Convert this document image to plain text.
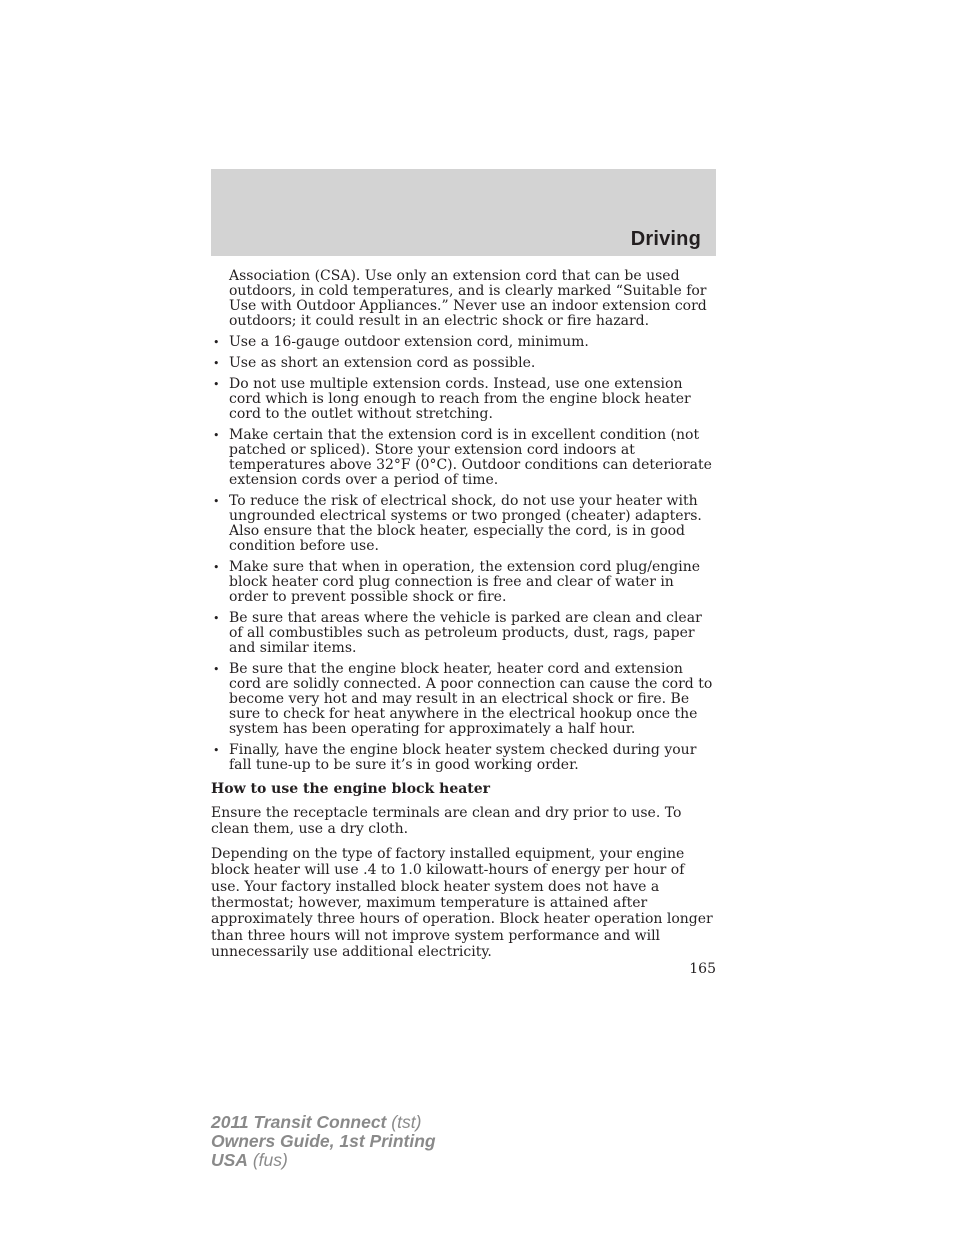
Driving

Association (CSA). Use only an extension cord that can be used outdoors, in cold temperatures, and is clearly marked “Suitable for Use with Outdoor Appliances.” Never use an indoor extension cord outdoors; it could result in an electric shock or fire hazard.

• Use a 16-gauge outdoor extension cord, minimum.
• Use as short an extension cord as possible.
• Do not use multiple extension cords. Instead, use one extension cord which is long enough to reach from the engine block heater cord to the outlet without stretching.
• Make certain that the extension cord is in excellent condition (not patched or spliced). Store your extension cord indoors at temperatures above 32°F (0°C). Outdoor conditions can deteriorate extension cords over a period of time.
• To reduce the risk of electrical shock, do not use your heater with ungrounded electrical systems or two pronged (cheater) adapters. Also ensure that the block heater, especially the cord, is in good condition before use.
• Make sure that when in operation, the extension cord plug/engine block heater cord plug connection is free and clear of water in order to prevent possible shock or fire.
• Be sure that areas where the vehicle is parked are clean and clear of all combustibles such as petroleum products, dust, rags, paper and similar items.
• Be sure that the engine block heater, heater cord and extension cord are solidly connected. A poor connection can cause the cord to become very hot and may result in an electrical shock or fire. Be sure to check for heat anywhere in the electrical hookup once the system has been operating for approximately a half hour.
• Finally, have the engine block heater system checked during your fall tune-up to be sure it’s in good working order.
How to use the engine block heater

Ensure the receptacle terminals are clean and dry prior to use. To clean them, use a dry cloth.

Depending on the type of factory installed equipment, your engine block heater will use .4 to 1.0 kilowatt-hours of energy per hour of use. Your factory installed block heater system does not have a thermostat; however, maximum temperature is attained after approximately three hours of operation. Block heater operation longer than three hours will not improve system performance and will unnecessarily use additional electricity.

165
2011 Transit Connect (tst)
Owners Guide, 1st Printing
USA (fus)
